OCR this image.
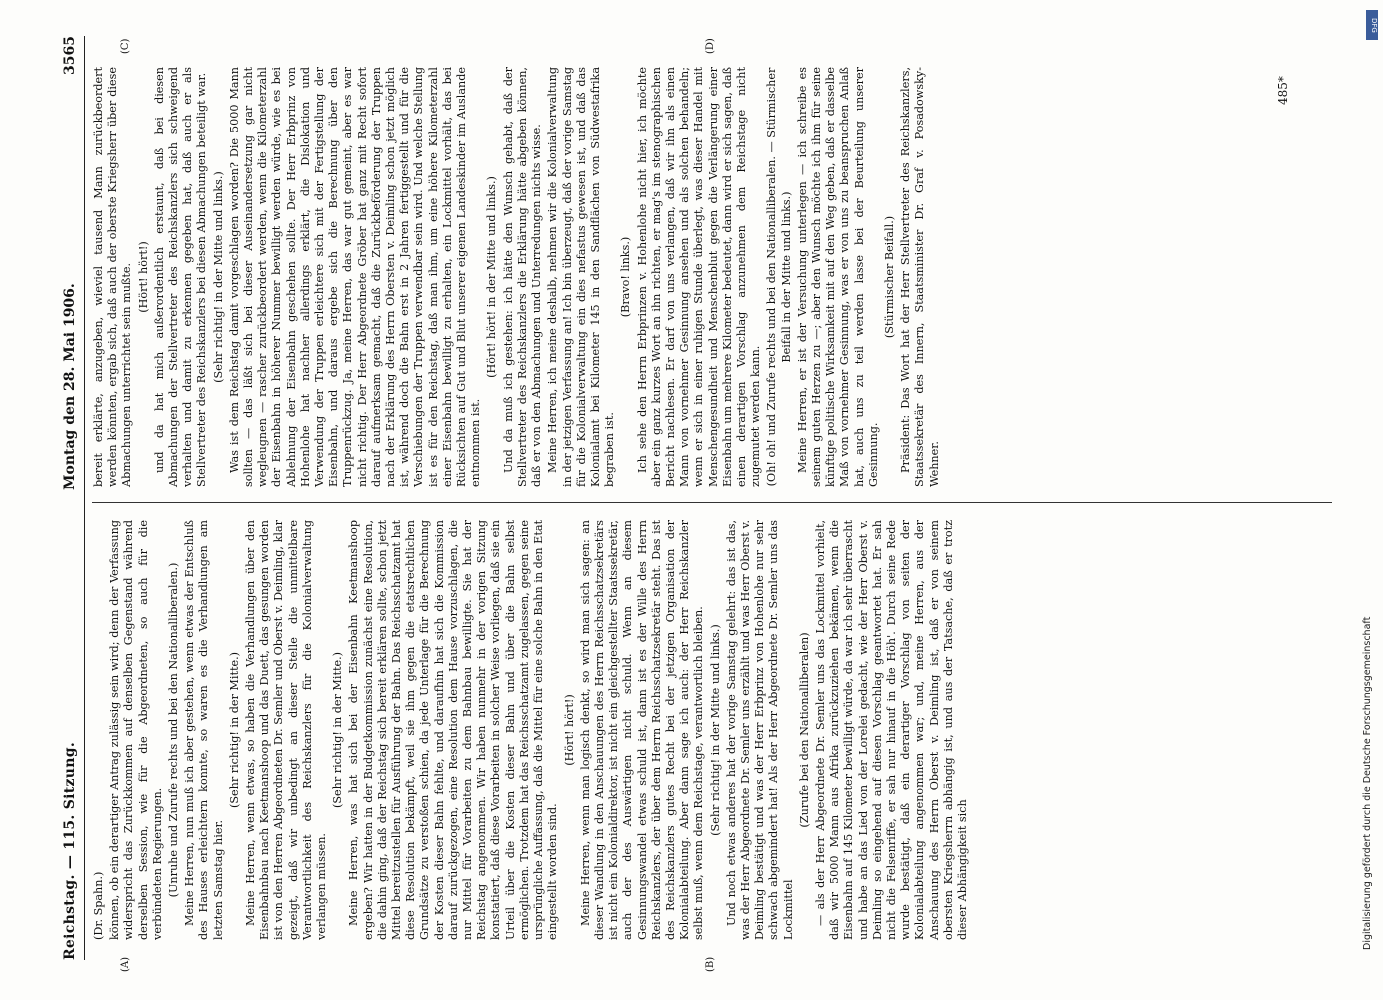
Reichstag. — 115. Sitzung.
Montag den 28. Mai 1906.
3565
(A)	(B)
(C)	(D)

(Dr. Spahn.) können, ob ein derartiger Antrag zulässig sein wird; denn der Verfassung widerspricht das Zurückkommen auf denselben Gegenstand während derselben Session, wie für die Abgeordneten, so auch für die verbündeten Regierungen. (Unruhe und Zurufe rechts und bei den Nationalliberalen.) Meine Herren, nun muß ich aber gestehen, wenn etwas der Entschluß des Hauses erleichtern konnte, so waren es die Verhandlungen am letzten Samstag hier.

(Sehr richtig! in der Mitte.) Meine Herren, wenn etwas, so haben die Verhandlungen über den Eisenbahnbau nach Keetmanshoop und das Duett, das gesungen worden ist von den Herren Abgeordneten Dr. Semler und Oberst v. Deimling, klar gezeigt, daß wir unbedingt an dieser Stelle die unmittelbare Verantwortlichkeit des Reichskanzlers für die Kolonialverwaltung verlangen müssen.

(Sehr richtig! in der Mitte.) Meine Herren, was hat sich bei der Eisenbahn Keetmanshoop ergeben? Wir hatten in der Budgetkommission zunächst eine Resolution, die dahin ging, daß der Reichstag sich bereit erklären sollte, schon jetzt Mittel bereitzustellen für Ausführung der Bahn. Das Reichsschatzamt hat diese Resolution bekämpft, weil sie ihm gegen die etatsrechtlichen Grundsätze zu verstoßen schien, da jede Unterlage für die Berechnung der Kosten dieser Bahn fehlte, und daraufhin hat sich die Kommission darauf zurückgezogen, eine Resolution dem Hause vorzuschlagen, die nur Mittel für Vorarbeiten zu dem Bahnbau bewilligte. Sie hat der Reichstag angenommen. Wir haben nunmehr in der vorigen Sitzung konstatiert, daß diese Vorarbeiten in solcher Weise vorliegen, daß sie ein Urteil über die Kosten dieser Bahn und über die Bahn selbst ermöglichen. Trotzdem hat das Reichsschatzamt zugelassen, gegen seine ursprüngliche Auffassung, daß die Mittel für eine solche Bahn in den Etat eingestellt worden sind.

(Hört! hört!) Meine Herren, wenn man logisch denkt, so wird man sich sagen: an dieser Wandlung in den Anschauungen des Herrn Reichsschatzsekretärs ist nicht ein Kolonialdirektor, ist nicht ein gleichgestellter Staatssekretär, auch der des Auswärtigen nicht schuld. Wenn an diesem Gesinnungswandel etwas schuld ist, dann ist es der Wille des Herrn Reichskanzlers, der über dem Herrn Reichsschatzsekretär steht. Das ist des Reichskanzlers gutes Recht bei der jetzigen Organisation der Kolonialabteilung. Aber dann sage ich auch: der Herr Reichskanzler selbst muß, wenn dem Reichstage, verantwortlich bleiben. (Sehr richtig! in der Mitte und links.) Und noch etwas anderes hat der vorige Samstag gelehrt: das ist das, was der Herr Abgeordnete Dr. Semler uns erzählt und was Herr Oberst v. Deimling bestätigt und was der Herr Erbprinz von Hohenlohe nur sehr schwach abgemindert hat! Als der Herr Abgeordnete Dr. Semler uns das Lockmittel

(Zurufe bei den Nationalliberalen) — als der Herr Abgeordnete Dr. Semler uns das Lockmittel vorhielt, daß wir 5000 Mann aus Afrika zurückzuziehen bekämen, wenn die Eisenbahn auf 145 Kilometer bewilligt würde, da war ich sehr überrascht und habe an das Lied von der Lorelei gedacht, wie der Herr Oberst v. Deimling so eingehend auf diesen Vorschlag geantwortet hat. Er sah nicht die Felsenriffe, er sah nur hinauf in die Höh'. Durch seine Rede wurde bestätigt, daß ein derartiger Vorschlag von seiten der Kolonialabteilung angenommen war; und, meine Herren, aus der Anschauung des Herrn Oberst v. Deimling ist, daß er von seinem obersten Kriegsherrn abhängig ist, und aus der Tatsache, daß er trotz dieser Abhängigkeit sich

bereit erklärte, anzugeben, wieviel tausend Mann zurückbeordert werden könnten, ergab sich, daß auch der oberste Kriegsherr über diese Abmachungen unterrichtet sein mußte. (Hört! hört!) und da hat mich außerordentlich erstaunt, daß bei diesen Abmachungen der Stellvertreter des Reichskanzlers sich schweigend verhalten und damit zu erkennen gegeben hat, daß auch er als Stellvertreter des Reichskanzlers bei diesen Abmachungen beteiligt war. (Sehr richtig! in der Mitte und links.) Was ist dem Reichstag damit vorgeschlagen worden? Die 5000 Mann sollten — das läßt sich bei dieser Auseinandersetzung gar nicht wegleugnen — rascher zurückbeordert werden, wenn die Kilometerzahl der Eisenbahn in höherer Nummer bewilligt werden würde, wie es bei Ablehnung der Eisenbahn geschehen sollte. Der Herr Erbprinz von Hohenlohe hat nachher allerdings erklärt, die Dislokation und Verwendung der Truppen erleichtere sich mit der Fertigstellung der Eisenbahn, und daraus ergebe sich die Berechnung über den Truppenrückzug. Ja, meine Herren, das war gut gemeint, aber es war nicht richtig. Der Herr Abgeordnete Gröber hat ganz mit Recht sofort darauf aufmerksam gemacht, daß die Zurückbeförderung der Truppen nach der Erklärung des Herrn Obersten v. Deimling schon jetzt möglich ist, während doch die Bahn erst in 2 Jahren fertiggestellt und für die Verschiebungen der Truppen verwendbar sein wird. Und welche Stellung ist es für den Reichstag, daß man ihm, um eine höhere Kilometerzahl einer Eisenbahn bewilligt zu erhalten, ein Lockmittel vorhält, das bei Rücksichten auf Gut und Blut unserer eigenen Landeskinder im Auslande entnommen ist.

(Hört! hört! in der Mitte und links.) Und da muß ich gestehen: ich hätte den Wunsch gehabt, daß der Stellvertreter des Reichskanzlers die Erklärung hätte abgeben können, daß er von den Abmachungen und Unterredungen nichts wisse. Meine Herren, ich meine deshalb, nehmen wir die Kolonialverwaltung in der jetzigen Verfassung an! Ich bin überzeugt, daß der vorige Samstag für die Kolonialverwaltung ein dies nefastus gewesen ist, und daß das Kolonialamt bei Kilometer 145 in den Sandflächen von Südwestafrika begraben ist.

(Bravo! links.) Ich sehe den Herrn Erbprinzen v. Hohenlohe nicht hier, ich möchte aber ein ganz kurzes Wort an ihn richten, er mag's im stenographischen Bericht nachlesen. Er darf von uns verlangen, daß wir ihn als einen Mann von vornehmer Gesinnung ansehen und als solchen behandeln; wenn er sich in einer ruhigen Stunde überlegt, was dieser Handel mit Menschengesundheit und Menschenblut gegen die Verlängerung einer Eisenbahn um mehrere Kilometer bedeutet, dann wird er sich sagen, daß einen derartigen Vorschlag anzunehmen dem Reichstage nicht zugemutet werden kann. (Oh! oh! und Zurufe rechts und bei den Nationalliberalen. — Stürmischer Beifall in der Mitte und links.) Meine Herren, er ist der Versuchung unterlegen — ich schreibe es seinem guten Herzen zu —; aber den Wunsch möchte ich ihm für seine künftige politische Wirksamkeit mit auf den Weg geben, daß er dasselbe Maß von vornehmer Gesinnung, was er von uns zu beanspruchen Anlaß hat, auch uns zu teil werden lasse bei der Beurteilung unserer Gesinnung.

(Stürmischer Beifall.) Präsident: Das Wort hat der Herr Stellvertreter des Reichskanzlers, Staatssekretär des Innern, Staatsminister Dr. Graf v. Posadowsky-Wehner.

485*
Digitalisierung gefördert durch die Deutsche Forschungsgemeinschaft
DFG
